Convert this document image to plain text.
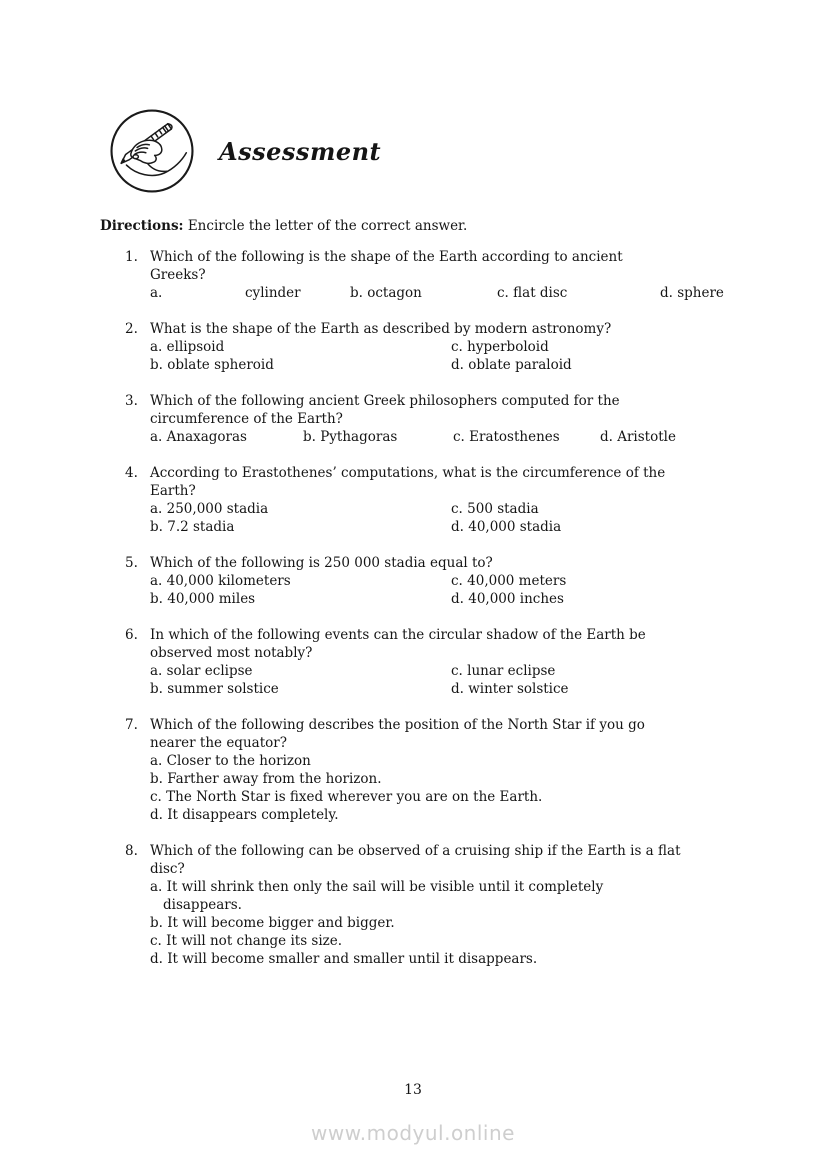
Assessment
Directions: Encircle the letter of the correct answer.
1. Which of the following is the shape of the Earth according to ancient
Greeks?
a.	cylinder	b. octagon	c. flat disc	d. sphere
2. What is the shape of the Earth as described by modern astronomy?
a. ellipsoid	c. hyperboloid
b. oblate spheroid	d. oblate paraloid
3. Which of the following ancient Greek philosophers computed for the
circumference of the Earth?
a. Anaxagoras	b. Pythagoras	c. Eratosthenes	d. Aristotle
4. According to Erastothenes’ computations, what is the circumference of the
Earth?
a. 250,000 stadia	c. 500 stadia
b. 7.2 stadia	d. 40,000 stadia
5. Which of the following is 250 000 stadia equal to?
a. 40,000 kilometers	c. 40,000 meters
b. 40,000 miles	d. 40,000 inches
6. In which of the following events can the circular shadow of the Earth be
observed most notably?
a. solar eclipse	c. lunar eclipse
b. summer solstice	d. winter solstice
7. Which of the following describes the position of the North Star if you go
nearer the equator?
a. Closer to the horizon
b. Farther away from the horizon.
c. The North Star is fixed wherever you are on the Earth.
d. It disappears completely.
8. Which of the following can be observed of a cruising ship if the Earth is a flat
disc?
a. It will shrink then only the sail will be visible until it completely
disappears.
b. It will become bigger and bigger.
c. It will not change its size.
d. It will become smaller and smaller until it disappears.
13
www.modyul.online
